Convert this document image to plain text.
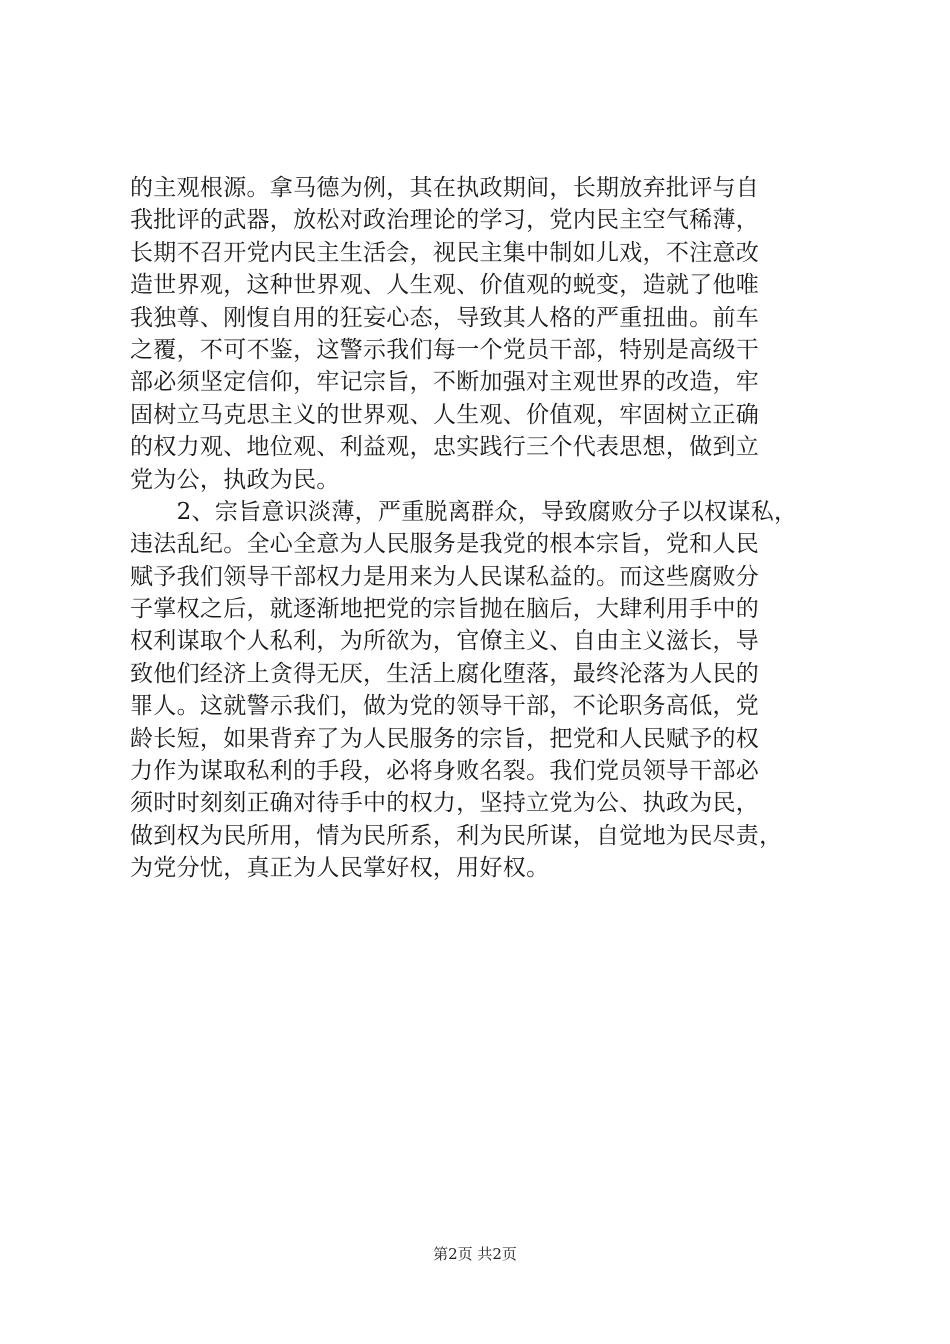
的主观根源。拿马德为例，其在执政期间，长期放弃批评与自
我批评的武器，放松对政治理论的学习，党内民主空气稀薄，
长期不召开党内民主生活会，视民主集中制如儿戏，不注意改
造世界观，这种世界观、人生观、价值观的蜕变，造就了他唯
我独尊、刚愎自用的狂妄心态，导致其人格的严重扭曲。前车
之覆，不可不鉴，这警示我们每一个党员干部，特别是高级干
部必须坚定信仰，牢记宗旨，不断加强对主观世界的改造，牢
固树立马克思主义的世界观、人生观、价值观，牢固树立正确
的权力观、地位观、利益观，忠实践行三个代表思想，做到立
党为公，执政为民。
　　2、宗旨意识淡薄，严重脱离群众，导致腐败分子以权谋私，
违法乱纪。全心全意为人民服务是我党的根本宗旨，党和人民
赋予我们领导干部权力是用来为人民谋私益的。而这些腐败分
子掌权之后，就逐渐地把党的宗旨抛在脑后，大肆利用手中的
权利谋取个人私利，为所欲为，官僚主义、自由主义滋长，导
致他们经济上贪得无厌，生活上腐化堕落，最终沦落为人民的
罪人。这就警示我们，做为党的领导干部，不论职务高低，党
龄长短，如果背弃了为人民服务的宗旨，把党和人民赋予的权
力作为谋取私利的手段，必将身败名裂。我们党员领导干部必
须时时刻刻正确对待手中的权力，坚持立党为公、执政为民，
做到权为民所用，情为民所系，利为民所谋，自觉地为民尽责，
为党分忧，真正为人民掌好权，用好权。
第2页 共2页
